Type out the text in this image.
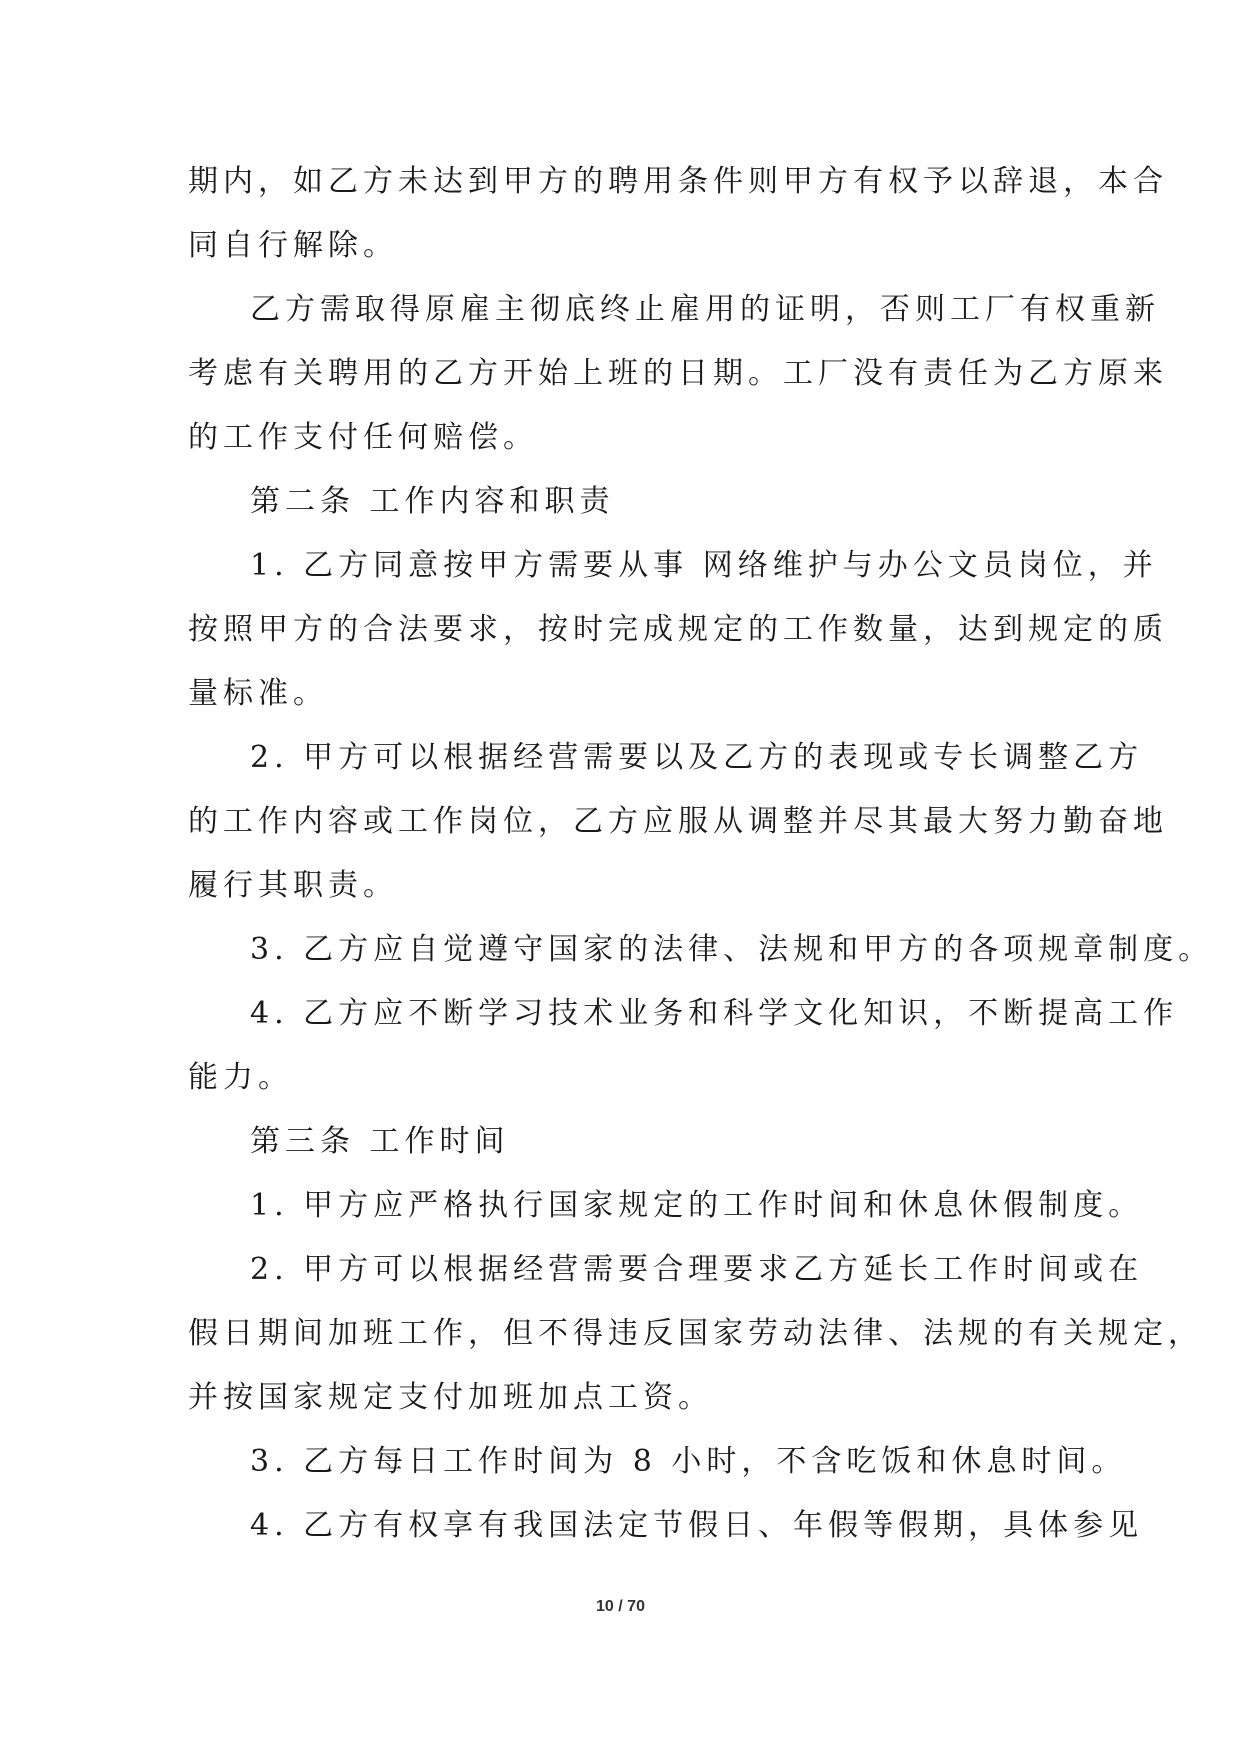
期内，如乙方未达到甲方的聘用条件则甲方有权予以辞退，本合
同自行解除。
乙方需取得原雇主彻底终止雇用的证明，否则工厂有权重新
考虑有关聘用的乙方开始上班的日期。工厂没有责任为乙方原来
的工作支付任何赔偿。
第二条 工作内容和职责
1. 乙方同意按甲方需要从事 网络维护与办公文员岗位，并
按照甲方的合法要求，按时完成规定的工作数量，达到规定的质
量标准。
2. 甲方可以根据经营需要以及乙方的表现或专长调整乙方
的工作内容或工作岗位，乙方应服从调整并尽其最大努力勤奋地
履行其职责。
3. 乙方应自觉遵守国家的法律、法规和甲方的各项规章制度。
4. 乙方应不断学习技术业务和科学文化知识，不断提高工作
能力。
第三条 工作时间
1. 甲方应严格执行国家规定的工作时间和休息休假制度。
2. 甲方可以根据经营需要合理要求乙方延长工作时间或在
假日期间加班工作，但不得违反国家劳动法律、法规的有关规定，
并按国家规定支付加班加点工资。
3. 乙方每日工作时间为 8 小时，不含吃饭和休息时间。
4. 乙方有权享有我国法定节假日、年假等假期，具体参见
10 / 70
